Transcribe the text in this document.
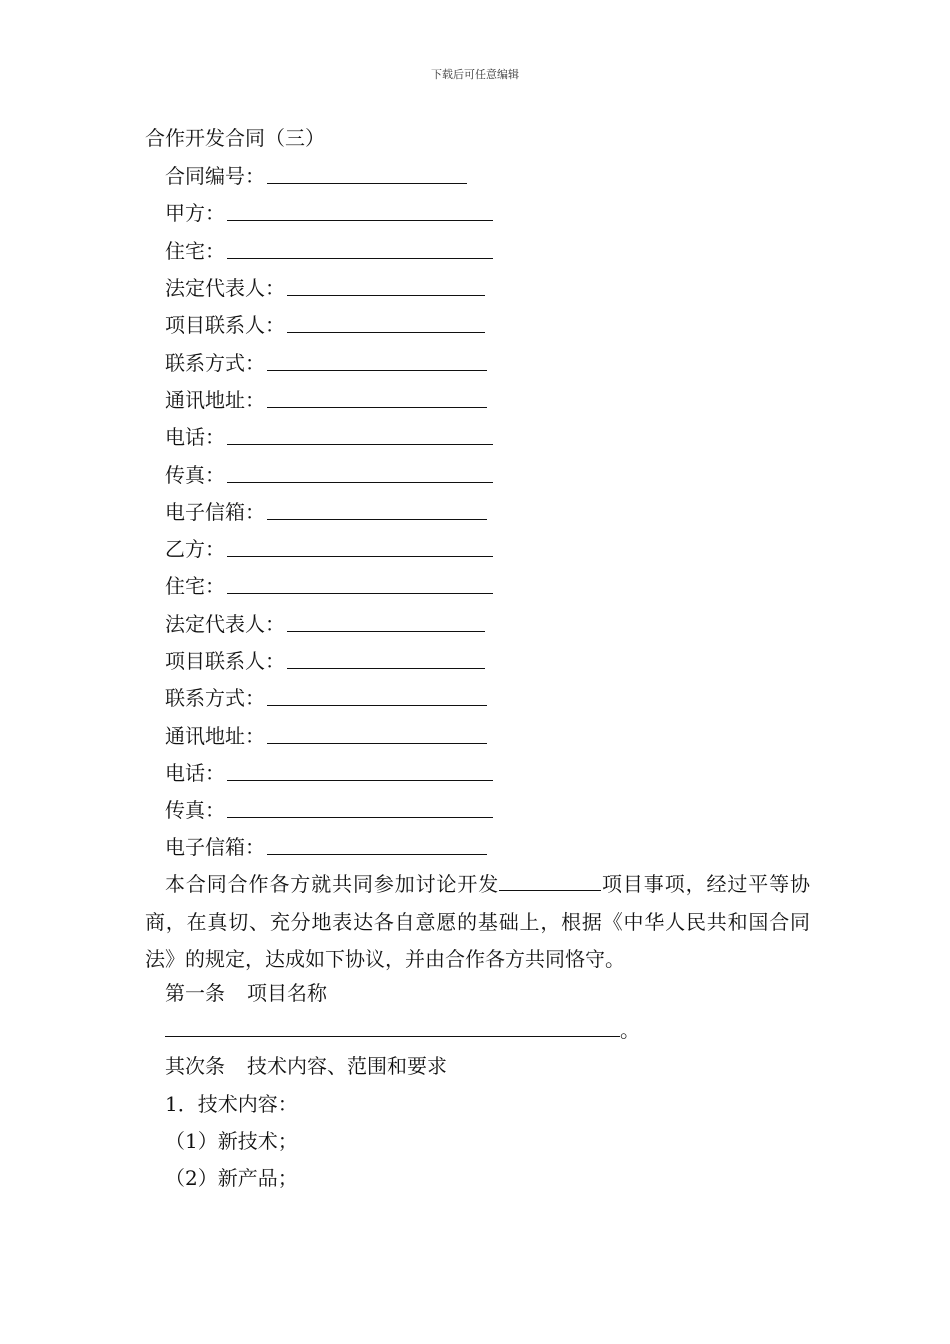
下载后可任意编辑
合作开发合同（三）
合同编号：
甲方：
住宅：
法定代表人：
项目联系人：
联系方式：
通讯地址：
电话：
传真：
电子信箱：
乙方：
住宅：
法定代表人：
项目联系人：
联系方式：
通讯地址：
电话：
传真：
电子信箱：

本合同合作各方就共同参加讨论开发	项目事项，经过平等协商，在真切、充分地表达各自意愿的基础上，根据《中华人民共和国合同法》的规定，达成如下协议，并由合作各方共同恪守。

第一条 项目名称
。
其次条 技术内容、范围和要求
1．技术内容：
（1）新技术；
（2）新产品；
